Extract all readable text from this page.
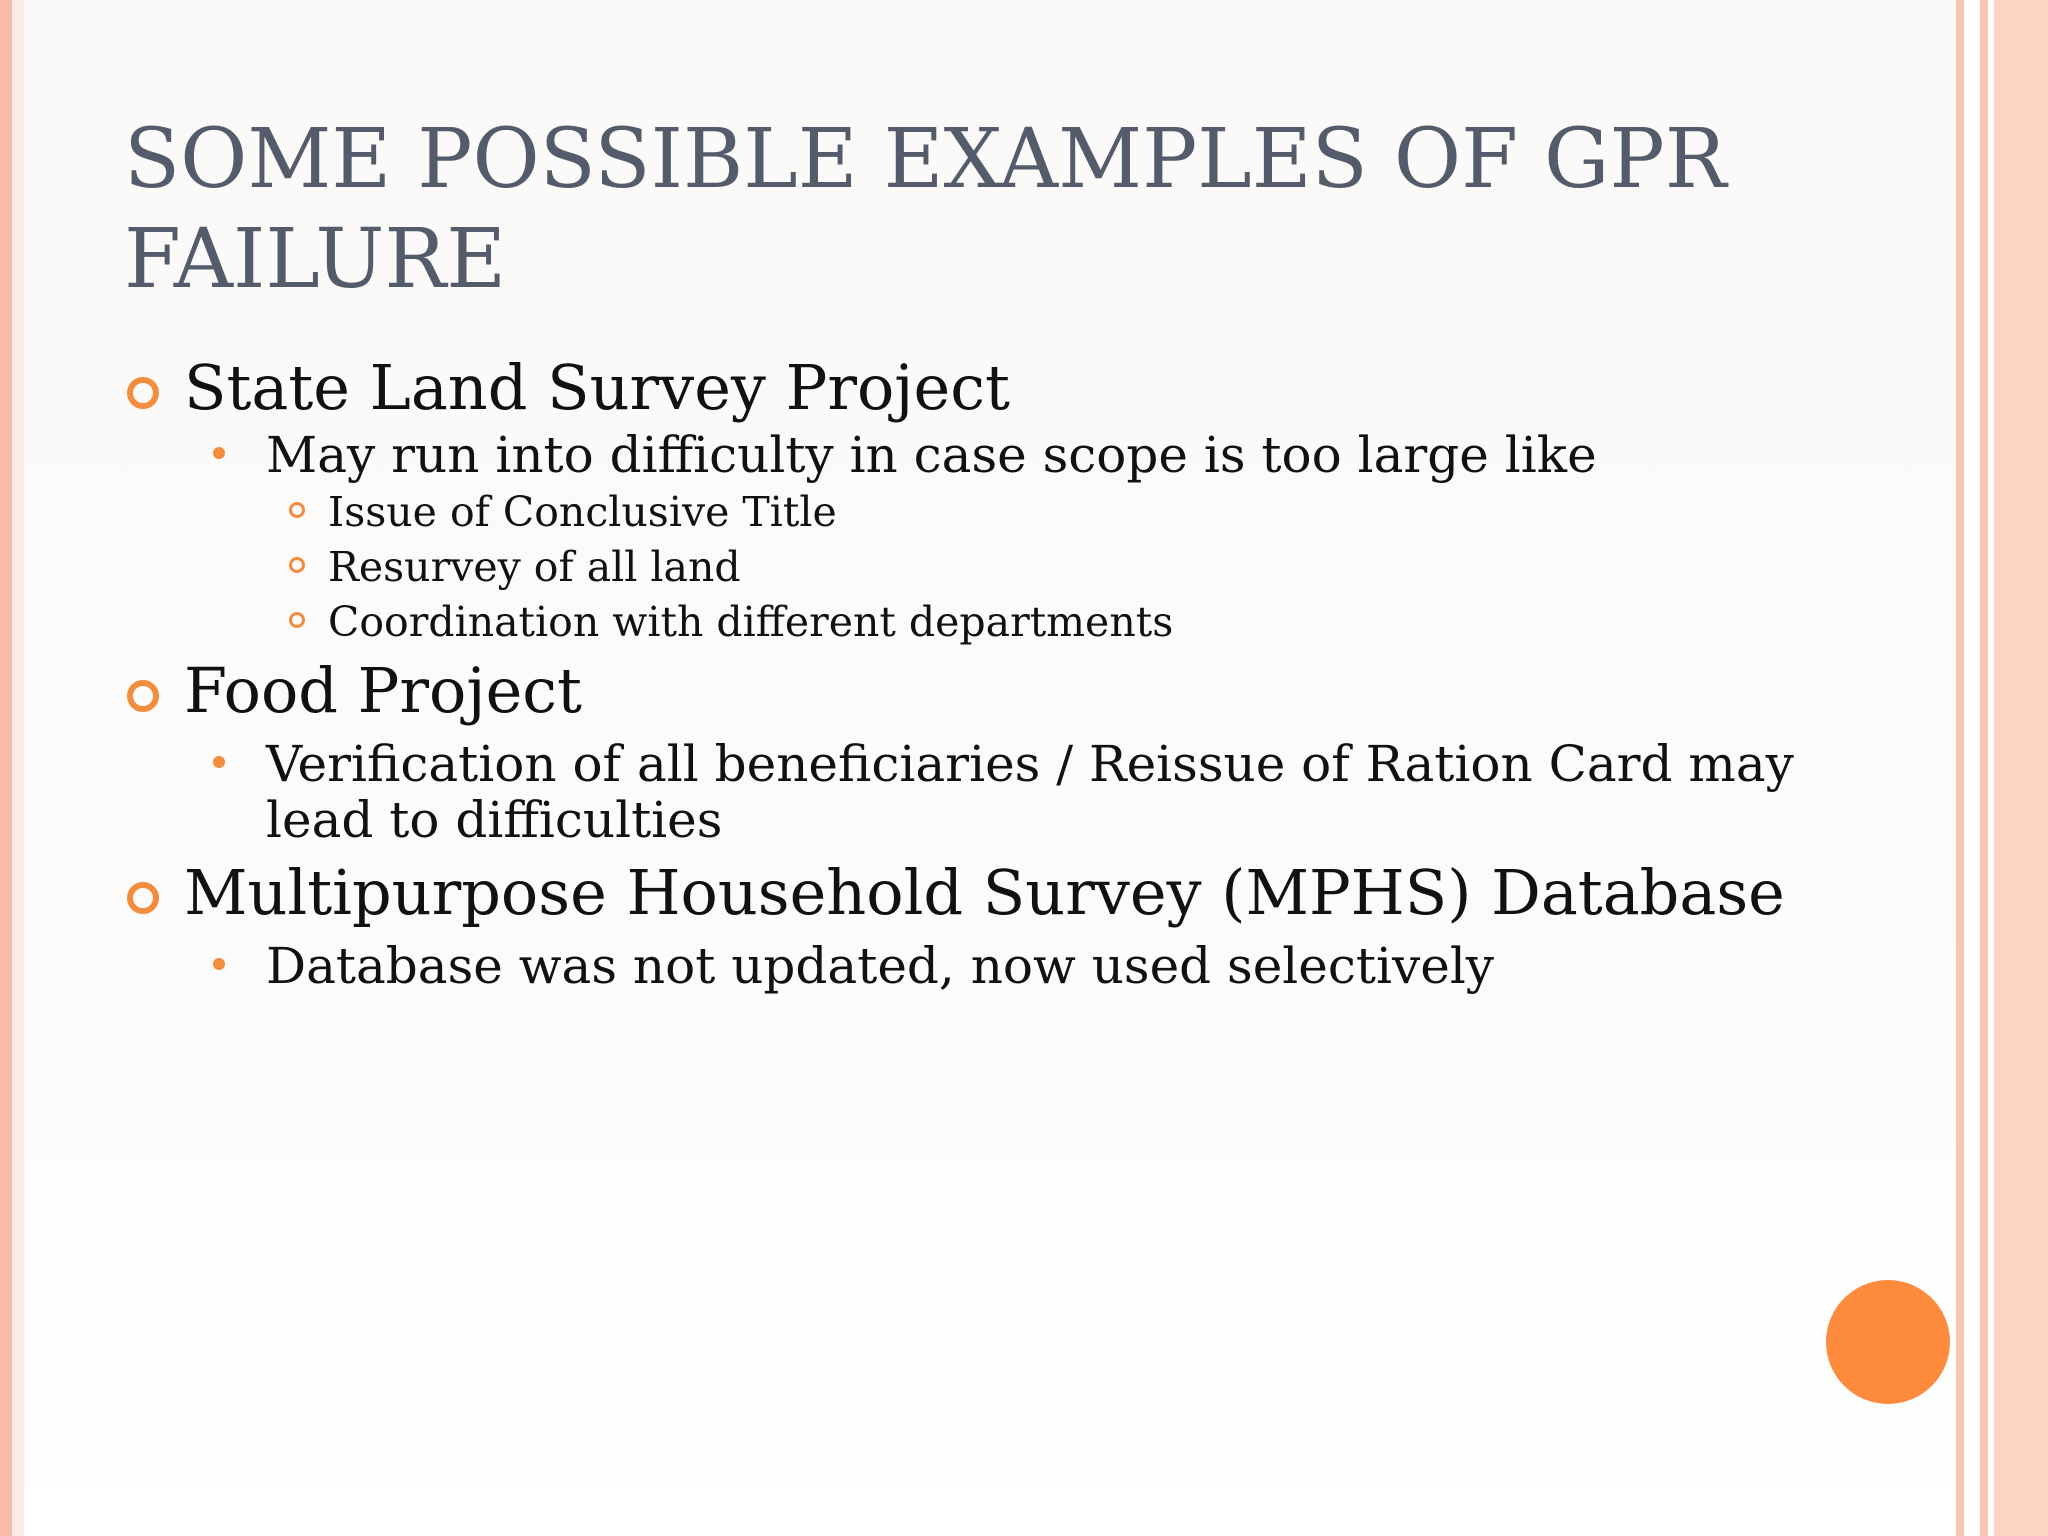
SOME POSSIBLE EXAMPLES OF GPR FAILURE

State Land Survey Project

May run into difficulty in case scope is too large like

Issue of Conclusive Title

Resurvey of all land

Coordination with different departments

Food Project

Verification of all beneficiaries / Reissue of Ration Card may lead to difficulties

Multipurpose Household Survey (MPHS) Database

Database was not updated, now used selectively
